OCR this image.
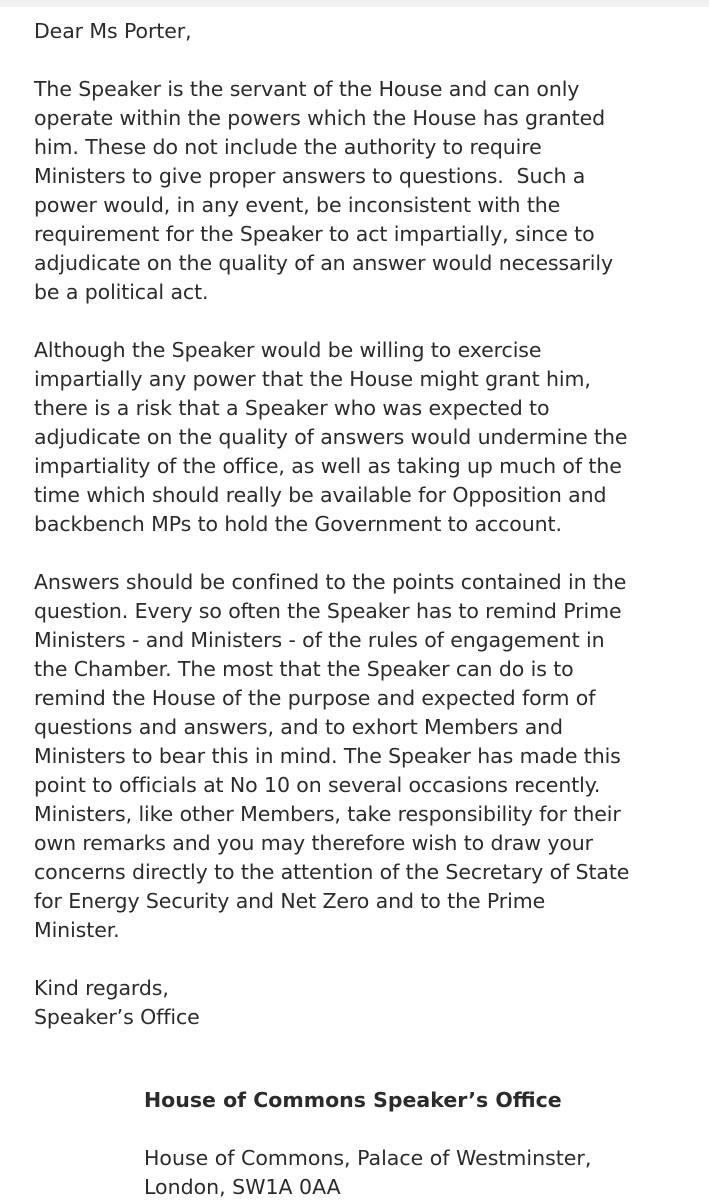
Dear Ms Porter,

The Speaker is the servant of the House and can only
operate within the powers which the House has granted
him. These do not include the authority to require
Ministers to give proper answers to questions.  Such a
power would, in any event, be inconsistent with the
requirement for the Speaker to act impartially, since to
adjudicate on the quality of an answer would necessarily
be a political act.

Although the Speaker would be willing to exercise
impartially any power that the House might grant him,
there is a risk that a Speaker who was expected to
adjudicate on the quality of answers would undermine the
impartiality of the office, as well as taking up much of the
time which should really be available for Opposition and
backbench MPs to hold the Government to account.

Answers should be confined to the points contained in the
question. Every so often the Speaker has to remind Prime
Ministers - and Ministers - of the rules of engagement in
the Chamber. The most that the Speaker can do is to
remind the House of the purpose and expected form of
questions and answers, and to exhort Members and
Ministers to bear this in mind. The Speaker has made this
point to officials at No 10 on several occasions recently.
Ministers, like other Members, take responsibility for their
own remarks and you may therefore wish to draw your
concerns directly to the attention of the Secretary of State
for Energy Security and Net Zero and to the Prime
Minister.

Kind regards,
Speaker’s Office

House of Commons Speaker’s Office

House of Commons, Palace of Westminster,
London, SW1A 0AA
